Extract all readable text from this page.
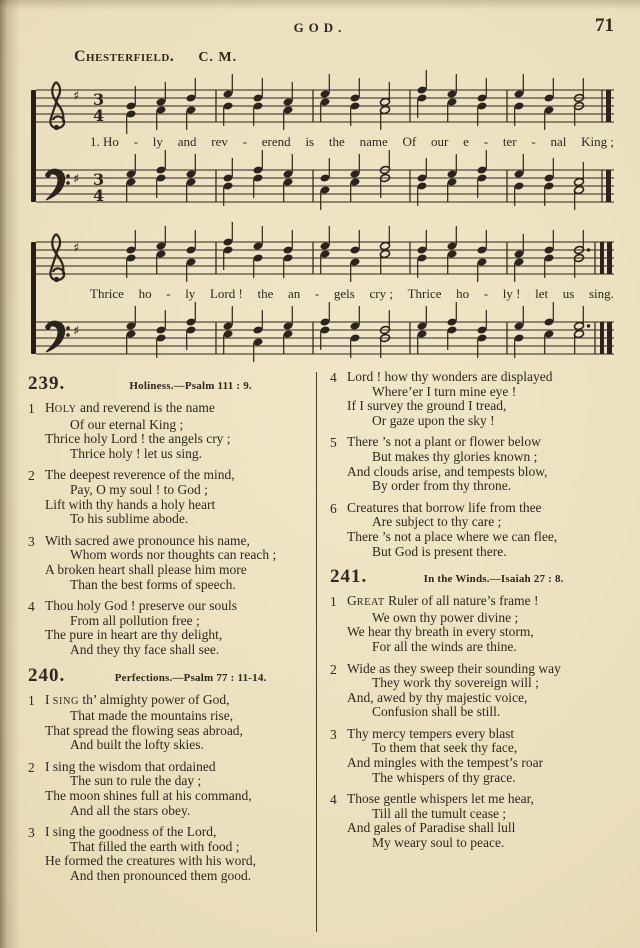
GOD.	71
Chesterfield. C. M.
♯ 3
4
1. Ho - ly and rev - erend is the name Of our e - ter - nal King ;
♯ 3
4
♯
Thrice ho - ly Lord ! the an - gels cry ; Thrice ho - ly ! let us sing.
♯
239.	Holiness.—Psalm 111 : 9.
1 HOLY and reverend is the name
Of our eternal King ;
Thrice holy Lord ! the angels cry ;
Thrice holy ! let us sing.
2 The deepest reverence of the mind,
Pay, O my soul ! to God ;
Lift with thy hands a holy heart
To his sublime abode.
3 With sacred awe pronounce his name,
Whom words nor thoughts can reach ;
A broken heart shall please him more
Than the best forms of speech.
4 Thou holy God ! preserve our souls
From all pollution free ;
The pure in heart are thy delight,
And they thy face shall see.
240.	Perfections.—Psalm 77 : 11-14.
1 I SING th’ almighty power of God,
That made the mountains rise,
That spread the flowing seas abroad,
And built the lofty skies.
2 I sing the wisdom that ordained
The sun to rule the day ;
The moon shines full at his command,
And all the stars obey.
3 I sing the goodness of the Lord,
That filled the earth with food ;
He formed the creatures with his word,
And then pronounced them good.
4 Lord ! how thy wonders are displayed
Where’er I turn mine eye !
If I survey the ground I tread,
Or gaze upon the sky !
5 There ’s not a plant or flower below
But makes thy glories known ;
And clouds arise, and tempests blow,
By order from thy throne.
6 Creatures that borrow life from thee
Are subject to thy care ;
There ’s not a place where we can flee,
But God is present there.
241.	In the Winds.—Isaiah 27 : 8.
1 GREAT Ruler of all nature’s frame !
We own thy power divine ;
We hear thy breath in every storm,
For all the winds are thine.
2 Wide as they sweep their sounding way
They work thy sovereign will ;
And, awed by thy majestic voice,
Confusion shall be still.
3 Thy mercy tempers every blast
To them that seek thy face,
And mingles with the tempest’s roar
The whispers of thy grace.
4 Those gentle whispers let me hear,
Till all the tumult cease ;
And gales of Paradise shall lull
My weary soul to peace.
